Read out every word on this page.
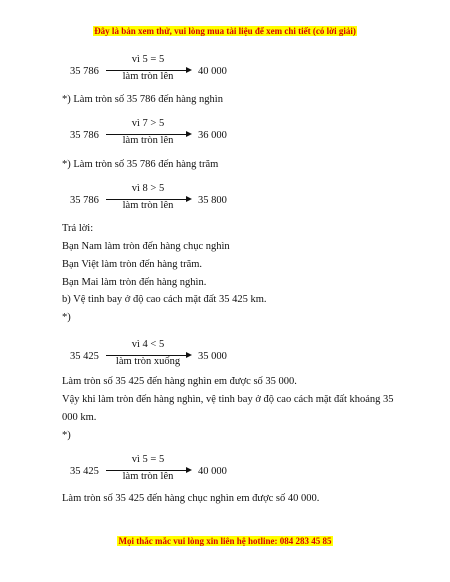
Đây là bản xem thử, vui lòng mua tài liệu để xem chi tiết (có lời giải)
35 786
vì 5 = 5
làm tròn lên	40 000
*) Làm tròn số 35 786 đến hàng nghìn
35 786
vì 7 > 5
làm tròn lên	36 000
*) Làm tròn số 35 786 đến hàng trăm
35 786
vì 8 > 5
làm tròn lên	35 800
Trả lời:
Bạn Nam làm tròn đến hàng chục nghìn
Bạn Việt làm tròn đến hàng trăm.
Bạn Mai làm tròn đến hàng nghìn.
b) Vệ tinh bay ở độ cao cách mặt đất 35 425 km.
*)
35 425
vì 4 < 5
làm tròn xuống	35 000
Làm tròn số 35 425 đến hàng nghìn em được số 35 000.
Vậy khi làm tròn đến hàng nghìn, vệ tinh bay ở độ cao cách mặt đất khoảng 35
000 km.
*)
35 425
vì 5 = 5
làm tròn lên	40 000
Làm tròn số 35 425 đến hàng chục nghìn em được số 40 000.
Mọi thắc mắc vui lòng xin liên hệ hotline: 084 283 45 85
